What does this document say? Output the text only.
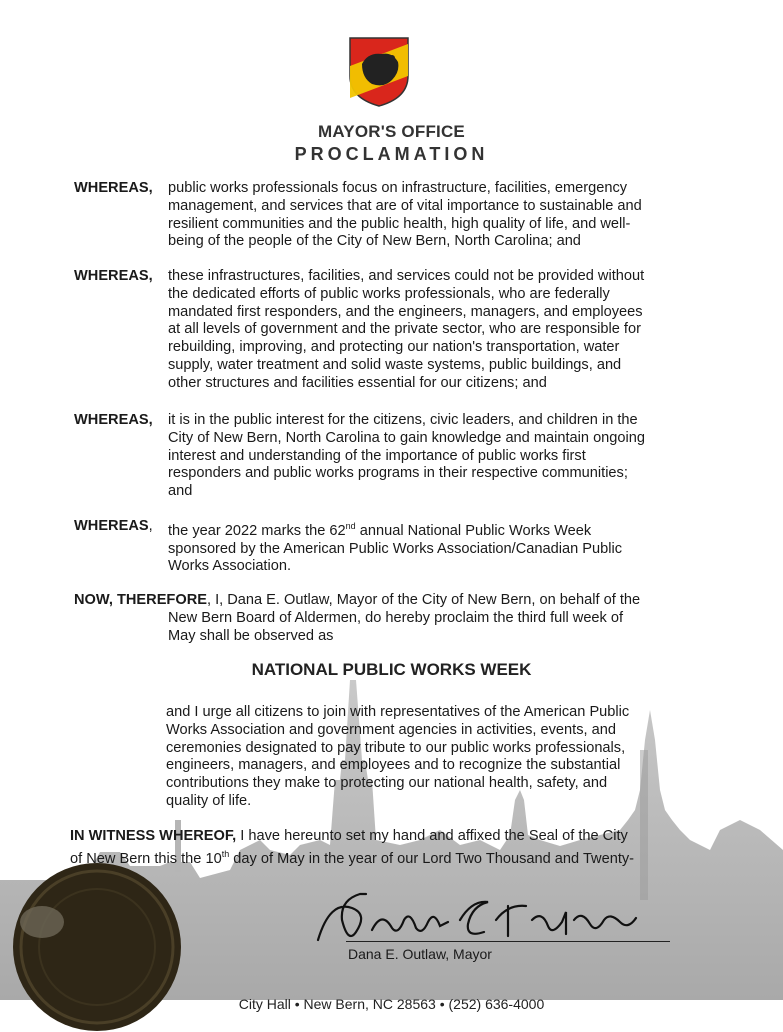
MAYOR'S OFFICE
PROCLAMATION
WHEREAS, public works professionals focus on infrastructure, facilities, emergency

management, and services that are of vital importance to sustainable and

resilient communities and the public health, high quality of life, and well-

being of the people of the City of New Bern, North Carolina; and

WHEREAS, these infrastructures, facilities, and services could not be provided without

the dedicated efforts of public works professionals, who are federally

mandated first responders, and the engineers, managers, and employees

at all levels of government and the private sector, who are responsible for

rebuilding, improving, and protecting our nation's transportation, water

supply, water treatment and solid waste systems, public buildings, and

other structures and facilities essential for our citizens; and

WHEREAS, it is in the public interest for the citizens, civic leaders, and children in the

City of New Bern, North Carolina to gain knowledge and maintain ongoing

interest and understanding of the importance of public works first

responders and public works programs in their respective communities;

and

WHEREAS, the year 2022 marks the 62nd annual National Public Works Week

sponsored by the American Public Works Association/Canadian Public

Works Association.

NOW, THEREFORE, I, Dana E. Outlaw, Mayor of the City of New Bern, on behalf of the

New Bern Board of Aldermen, do hereby proclaim the third full week of

May shall be observed as

NATIONAL PUBLIC WORKS WEEK

and I urge all citizens to join with representatives of the American Public

Works Association and government agencies in activities, events, and

ceremonies designated to pay tribute to our public works professionals,

engineers, managers, and employees and to recognize the substantial

contributions they make to protecting our national health, safety, and

quality of life.

IN WITNESS WHEREOF, I have hereunto set my hand and affixed the Seal of the City

of New Bern this the 10th day of May in the year of our Lord Two Thousand and Twenty-

Dana E. Outlaw, Mayor
City Hall • New Bern, NC 28563 • (252) 636-4000
